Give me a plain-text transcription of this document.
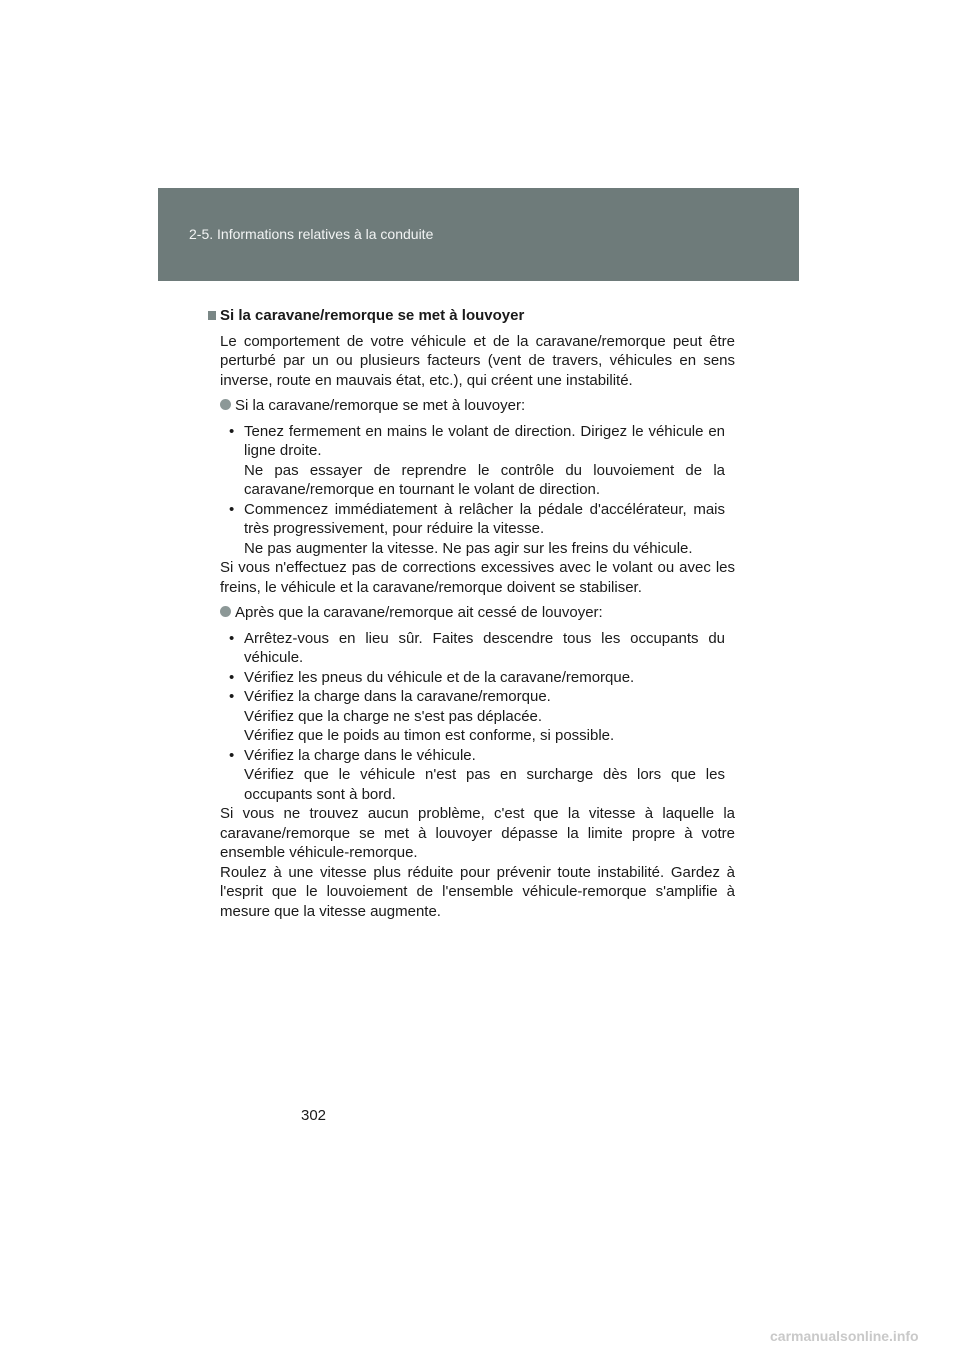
2-5. Informations relatives à la conduite
Si la caravane/remorque se met à louvoyer

Le comportement de votre véhicule et de la caravane/remorque peut être perturbé par un ou plusieurs facteurs (vent de travers, véhicules en sens inverse, route en mauvais état, etc.), qui créent une instabilité.

Si la caravane/remorque se met à louvoyer:
• Tenez fermement en mains le volant de direction. Dirigez le véhicule en ligne droite.
Ne pas essayer de reprendre le contrôle du louvoiement de la caravane/remorque en tournant le volant de direction.
• Commencez immédiatement à relâcher la pédale d'accélérateur, mais très progressivement, pour réduire la vitesse.
Ne pas augmenter la vitesse. Ne pas agir sur les freins du véhicule.

Si vous n'effectuez pas de corrections excessives avec le volant ou avec les freins, le véhicule et la caravane/remorque doivent se stabiliser.

Après que la caravane/remorque ait cessé de louvoyer:
• Arrêtez-vous en lieu sûr. Faites descendre tous les occupants du véhicule.
• Vérifiez les pneus du véhicule et de la caravane/remorque.
• Vérifiez la charge dans la caravane/remorque.
Vérifiez que la charge ne s'est pas déplacée.
Vérifiez que le poids au timon est conforme, si possible.
• Vérifiez la charge dans le véhicule.
Vérifiez que le véhicule n'est pas en surcharge dès lors que les occupants sont à bord.

Si vous ne trouvez aucun problème, c'est que la vitesse à laquelle la caravane/remorque se met à louvoyer dépasse la limite propre à votre ensemble véhicule-remorque.

Roulez à une vitesse plus réduite pour prévenir toute instabilité. Gardez à l'esprit que le louvoiement de l'ensemble véhicule-remorque s'amplifie à mesure que la vitesse augmente.

302
carmanualsonline.info
